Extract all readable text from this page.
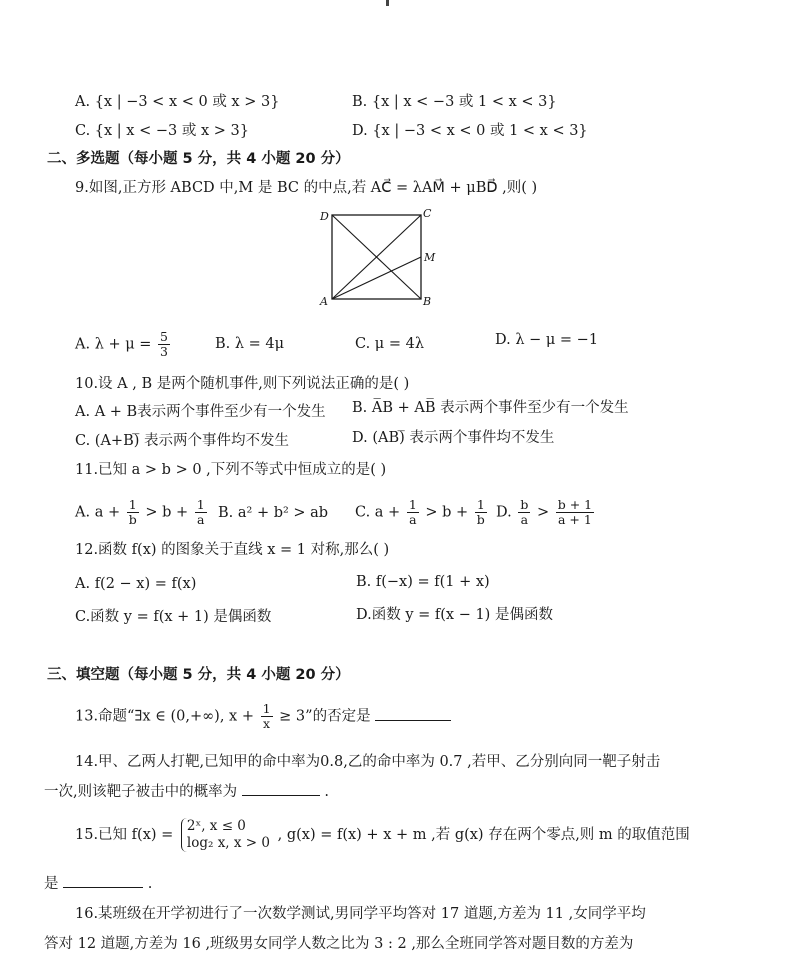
A. {x | −3 < x < 0 或 x > 3}	B. {x | x < −3 或 1 < x < 3}
C. {x | x < −3 或 x > 3}	D. {x | −3 < x < 0 或 1 < x < 3}
二、多选题（每小题 5 分，共 4 小题 20 分）
9.如图,正方形 ABCD 中,M 是 BC 的中点,若 AC⃗ = λAM⃗ + μBD⃗ ,则( )
D	C
M
A	B
A. $\lambda + \mu = \frac{5}{3}$	B. λ = 4μ	C. μ = 4λ	D. λ − μ = −1
10.设 A , B 是两个随机事件,则下列说法正确的是( )
A. A + B表示两个事件至少有一个发生 B. A̅B + AB̅ 表示两个事件至少有一个发生
C. (A+B)̅ 表示两个事件均不发生	D. (AB)̅ 表示两个事件均不发生
11.已知 a > b > 0 ,下列不等式中恒成立的是( )
A. $a + \frac{1}{b} > b + \frac{1}{a} B$. a² + b² > ab C. $a + \frac{1}{a} > b + \frac{1}{b} D$. $\frac{b}{a} > \frac{b + 1}{a + 1}$
12.函数 f(x) 的图象关于直线 x = 1 对称,那么( )
A. f(2 − x) = f(x)	B. f(−x) = f(1 + x)
C.函数 y = f(x + 1) 是偶函数	D.函数 y = f(x − 1) 是偶函数
三、填空题（每小题 5 分，共 4 小题 20 分）
13.命题“∃x ∈ (0,+∞), $x + \frac{1}{x} \ge 3$”的否定是
14.甲、乙两人打靶,已知甲的命中率为0.8,乙的命中率为 0.7 ,若甲、乙分别向同一靶子射击
一次,则该靶子被击中的概率为	.
15.已知 f(x) =
2ˣ, x ≤ 0
log₂ x, x > 0 , g(x) = f(x) + x + m ,若 g(x) 存在两个零点,则 m 的取值范围
是	.
16.某班级在开学初进行了一次数学测试,男同学平均答对 17 道题,方差为 11 ,女同学平均
答对 12 道题,方差为 16 ,班级男女同学人数之比为 3 : 2 ,那么全班同学答对题目数的方差为
